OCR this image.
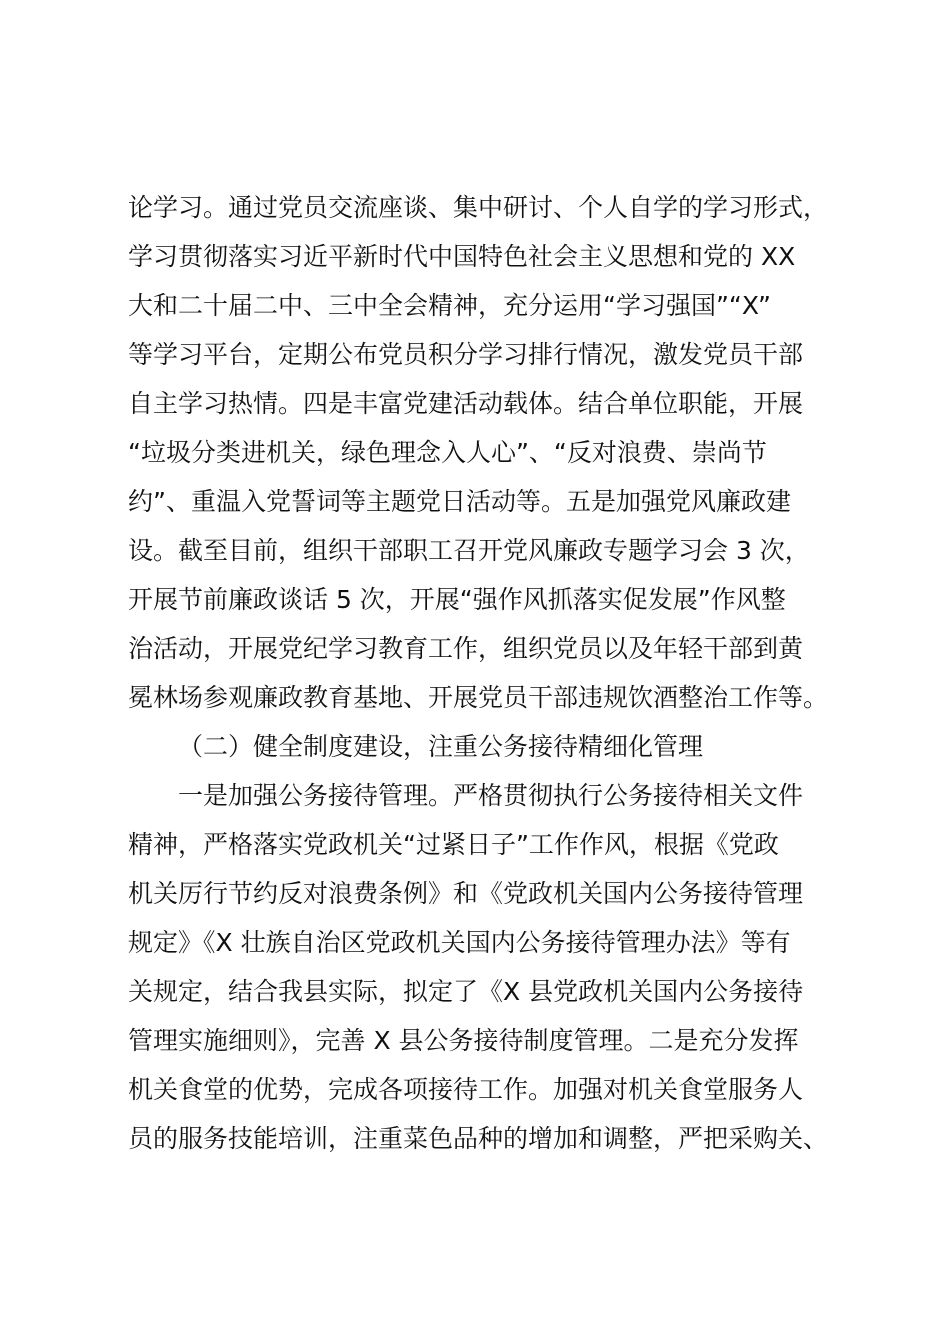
论学习。通过党员交流座谈、集中研讨、个人自学的学习形式，
学习贯彻落实习近平新时代中国特色社会主义思想和党的 XX
大和二十届二中、三中全会精神，充分运用“学习强国”“X”
等学习平台，定期公布党员积分学习排行情况，激发党员干部
自主学习热情。四是丰富党建活动载体。结合单位职能，开展
“垃圾分类进机关，绿色理念入人心”、“反对浪费、崇尚节
约”、重温入党誓词等主题党日活动等。五是加强党风廉政建
设。截至目前，组织干部职工召开党风廉政专题学习会 3 次，
开展节前廉政谈话 5 次，开展“强作风抓落实促发展”作风整
治活动，开展党纪学习教育工作，组织党员以及年轻干部到黄
冕林场参观廉政教育基地、开展党员干部违规饮酒整治工作等。
（二）健全制度建设，注重公务接待精细化管理
一是加强公务接待管理。严格贯彻执行公务接待相关文件
精神，严格落实党政机关“过紧日子”工作作风，根据《党政
机关厉行节约反对浪费条例》和《党政机关国内公务接待管理
规定》《X 壮族自治区党政机关国内公务接待管理办法》等有
关规定，结合我县实际，拟定了《X 县党政机关国内公务接待
管理实施细则》，完善 X 县公务接待制度管理。二是充分发挥
机关食堂的优势，完成各项接待工作。加强对机关食堂服务人
员的服务技能培训，注重菜色品种的增加和调整，严把采购关、
